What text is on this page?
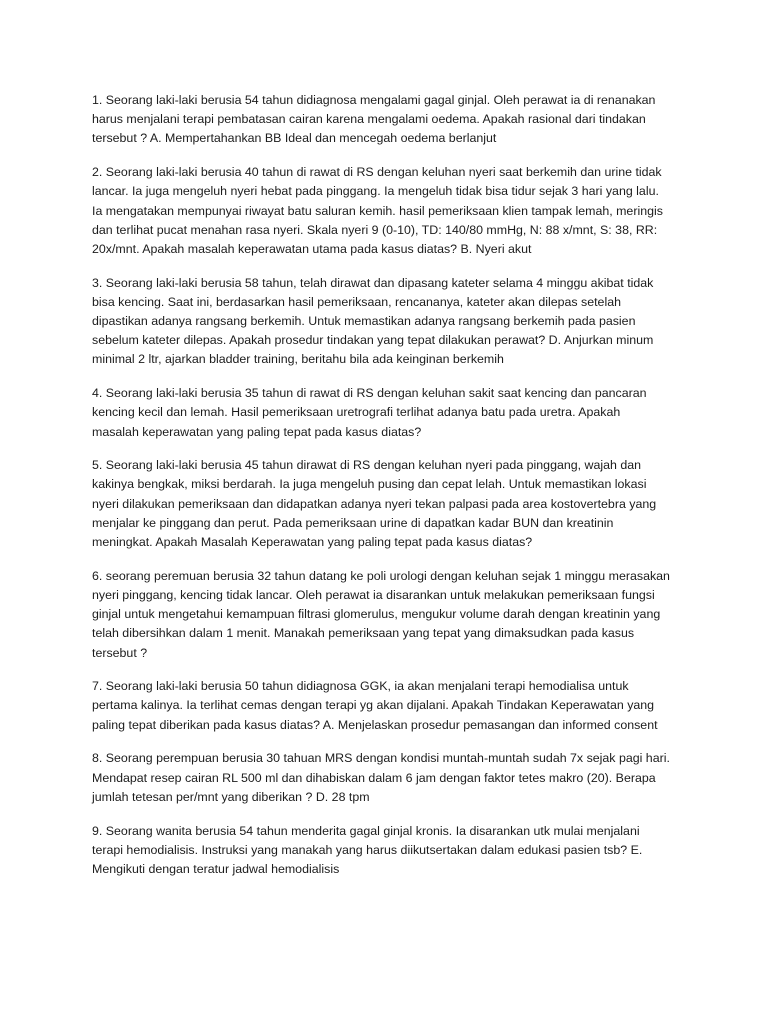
1. Seorang laki-laki berusia 54 tahun didiagnosa mengalami gagal ginjal. Oleh perawat ia di renanakan
harus menjalani terapi pembatasan cairan karena mengalami oedema. Apakah rasional dari tindakan
tersebut ? A. Mempertahankan BB Ideal dan mencegah oedema berlanjut
2. Seorang laki-laki berusia 40 tahun di rawat di RS dengan keluhan nyeri saat berkemih dan urine tidak
lancar. Ia juga mengeluh nyeri hebat pada pinggang. Ia mengeluh tidak bisa tidur sejak 3 hari yang lalu.
Ia mengatakan mempunyai riwayat batu saluran kemih. hasil pemeriksaan klien tampak lemah, meringis
dan terlihat pucat menahan rasa nyeri. Skala nyeri 9 (0-10), TD: 140/80 mmHg, N: 88 x/mnt, S: 38, RR:
20x/mnt. Apakah masalah keperawatan utama pada kasus diatas? B. Nyeri akut
3. Seorang laki-laki berusia 58 tahun, telah dirawat dan dipasang kateter selama 4 minggu akibat tidak
bisa kencing. Saat ini, berdasarkan hasil pemeriksaan, rencananya, kateter akan dilepas setelah
dipastikan adanya rangsang berkemih. Untuk memastikan adanya rangsang berkemih pada pasien
sebelum kateter dilepas. Apakah prosedur tindakan yang tepat dilakukan perawat? D. Anjurkan minum
minimal 2 ltr, ajarkan bladder training, beritahu bila ada keinginan berkemih
4. Seorang laki-laki berusia 35 tahun di rawat di RS dengan keluhan sakit saat kencing dan pancaran
kencing kecil dan lemah. Hasil pemeriksaan uretrografi terlihat adanya batu pada uretra. Apakah
masalah keperawatan yang paling tepat pada kasus diatas?
5. Seorang laki-laki berusia 45 tahun dirawat di RS dengan keluhan nyeri pada pinggang, wajah dan
kakinya bengkak, miksi berdarah. Ia juga mengeluh pusing dan cepat lelah. Untuk memastikan lokasi
nyeri dilakukan pemeriksaan dan didapatkan adanya nyeri tekan palpasi pada area kostovertebra yang
menjalar ke pinggang dan perut. Pada pemeriksaan urine di dapatkan kadar BUN dan kreatinin
meningkat. Apakah Masalah Keperawatan yang paling tepat pada kasus diatas?
6. seorang peremuan berusia 32 tahun datang ke poli urologi dengan keluhan sejak 1 minggu merasakan
nyeri pinggang, kencing tidak lancar. Oleh perawat ia disarankan untuk melakukan pemeriksaan fungsi
ginjal untuk mengetahui kemampuan filtrasi glomerulus, mengukur volume darah dengan kreatinin yang
telah dibersihkan dalam 1 menit. Manakah pemeriksaan yang tepat yang dimaksudkan pada kasus
tersebut ?
7. Seorang laki-laki berusia 50 tahun didiagnosa GGK, ia akan menjalani terapi hemodialisa untuk
pertama kalinya. Ia terlihat cemas dengan terapi yg akan dijalani. Apakah Tindakan Keperawatan yang
paling tepat diberikan pada kasus diatas? A. Menjelaskan prosedur pemasangan dan informed consent
8. Seorang perempuan berusia 30 tahuan MRS dengan kondisi muntah-muntah sudah 7x sejak pagi hari.
Mendapat resep cairan RL 500 ml dan dihabiskan dalam 6 jam dengan faktor tetes makro (20). Berapa
jumlah tetesan per/mnt yang diberikan ? D. 28 tpm
9. Seorang wanita berusia 54 tahun menderita gagal ginjal kronis. Ia disarankan utk mulai menjalani
terapi hemodialisis. Instruksi yang manakah yang harus diikutsertakan dalam edukasi pasien tsb? E.
Mengikuti dengan teratur jadwal hemodialisis
